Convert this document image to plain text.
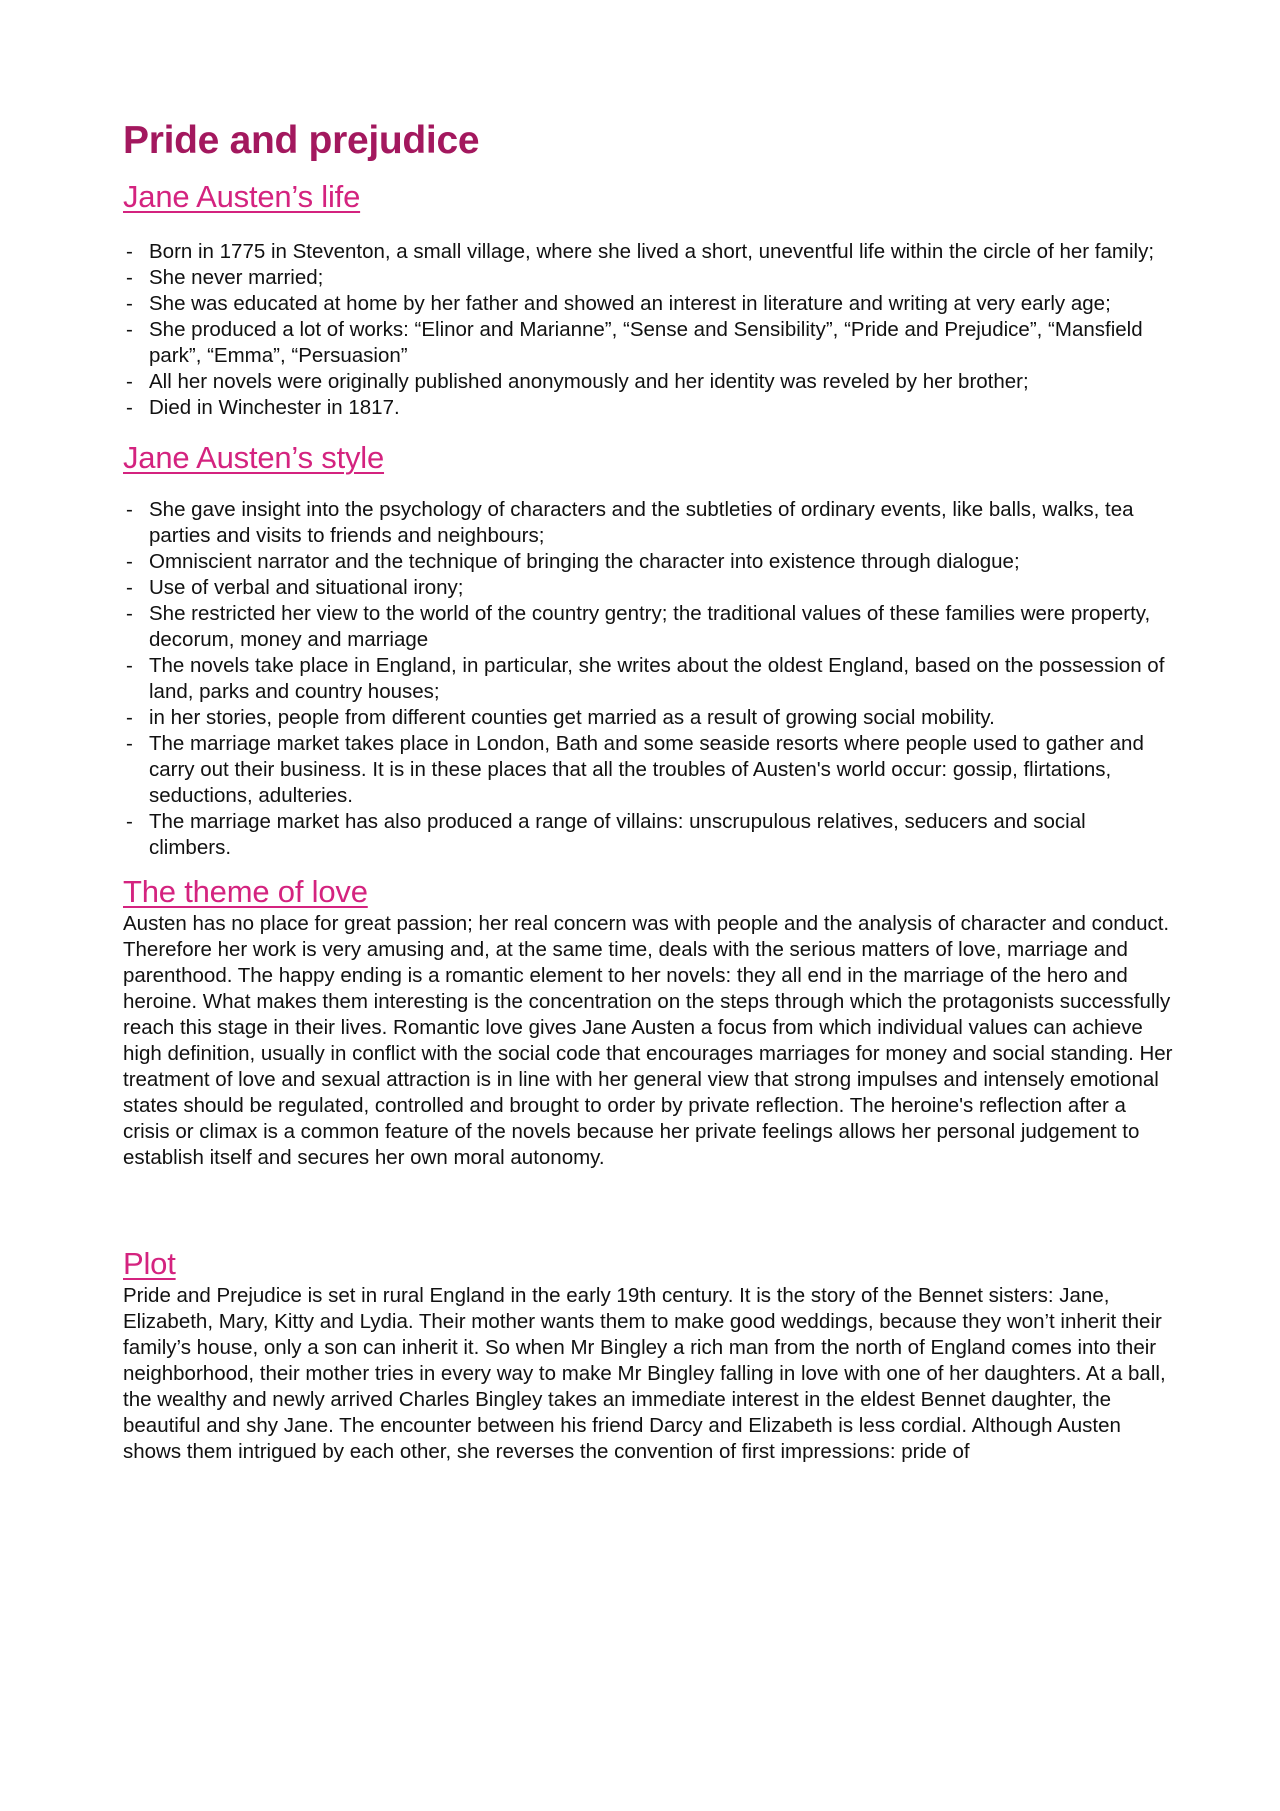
Pride and prejudice
Jane Austen’s life
- Born in 1775 in Steventon, a small village, where she lived a short, uneventful life within the circle of her family;
- She never married;
- She was educated at home by her father and showed an interest in literature and writing at very early age;
- She produced a lot of works: “Elinor and Marianne”, “Sense and Sensibility”, “Pride and Prejudice”, “Mansfield park”, “Emma”, “Persuasion”
- All her novels were originally published anonymously and her identity was reveled by her brother;
- Died in Winchester in 1817.
Jane Austen’s style
- She gave insight into the psychology of characters and the subtleties of ordinary events, like balls, walks, tea parties and visits to friends and neighbours;
- Omniscient narrator and the technique of bringing the character into existence through dialogue;
- Use of verbal and situational irony;
- She restricted her view to the world of the country gentry; the traditional values of these families were property, decorum, money and marriage
- The novels take place in England, in particular, she writes about the oldest England, based on the possession of land, parks and country houses;
- in her stories, people from different counties get married as a result of growing social mobility.
- The marriage market takes place in London, Bath and some seaside resorts where people used to gather and carry out their business. It is in these places that all the troubles of Austen's world occur: gossip, flirtations, seductions, adulteries.
- The marriage market has also produced a range of villains: unscrupulous relatives, seducers and social climbers.
The theme of love

Austen has no place for great passion; her real concern was with people and the analysis of character and conduct. Therefore her work is very amusing and, at the same time, deals with the serious matters of love, marriage and parenthood. The happy ending is a romantic element to her novels: they all end in the marriage of the hero and heroine. What makes them interesting is the concentration on the steps through which the protagonists successfully reach this stage in their lives. Romantic love gives Jane Austen a focus from which individual values can achieve high definition, usually in conflict with the social code that encourages marriages for money and social standing. Her treatment of love and sexual attraction is in line with her general view that strong impulses and intensely emotional states should be regulated, controlled and brought to order by private reflection. The heroine's reflection after a crisis or climax is a common feature of the novels because her private feelings allows her personal judgement to establish itself and secures her own moral autonomy.

Plot

Pride and Prejudice is set in rural England in the early 19th century. It is the story of the Bennet sisters: Jane, Elizabeth, Mary, Kitty and Lydia. Their mother wants them to make good weddings, because they won’t inherit their family’s house, only a son can inherit it. So when Mr Bingley a rich man from the north of England comes into their neighborhood, their mother tries in every way to make Mr Bingley falling in love with one of her daughters. At a ball, the wealthy and newly arrived Charles Bingley takes an immediate interest in the eldest Bennet daughter, the beautiful and shy Jane. The encounter between his friend Darcy and Elizabeth is less cordial. Although Austen shows them intrigued by each other, she reverses the convention of first impressions: pride of
